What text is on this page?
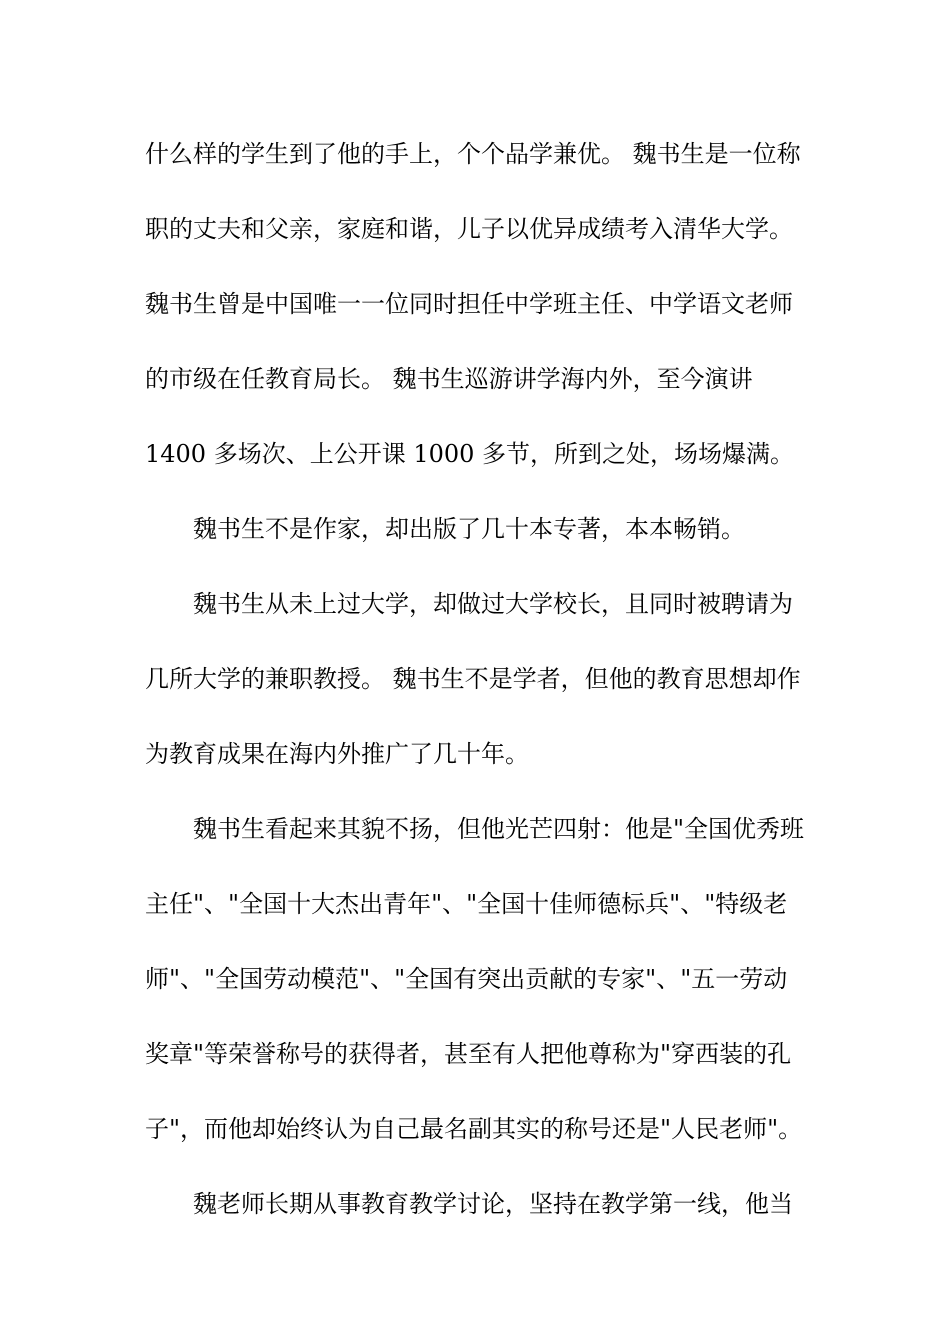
什么样的学生到了他的手上，个个品学兼优。 魏书生是一位称
职的丈夫和父亲，家庭和谐，儿子以优异成绩考入清华大学。
魏书生曾是中国唯一一位同时担任中学班主任、中学语文老师
的市级在任教育局长。 魏书生巡游讲学海内外，至今演讲
1400 多场次、上公开课 1000 多节，所到之处，场场爆满。
魏书生不是作家，却出版了几十本专著，本本畅销。
魏书生从未上过大学，却做过大学校长，且同时被聘请为
几所大学的兼职教授。 魏书生不是学者，但他的教育思想却作
为教育成果在海内外推广了几十年。
魏书生看起来其貌不扬，但他光芒四射：他是"全国优秀班
主任"、"全国十大杰出青年"、"全国十佳师德标兵"、"特级老
师"、"全国劳动模范"、"全国有突出贡献的专家"、"五一劳动
奖章"等荣誉称号的获得者，甚至有人把他尊称为"穿西装的孔
子"，而他却始终认为自己最名副其实的称号还是"人民老师"。
魏老师长期从事教育教学讨论，坚持在教学第一线，他当
